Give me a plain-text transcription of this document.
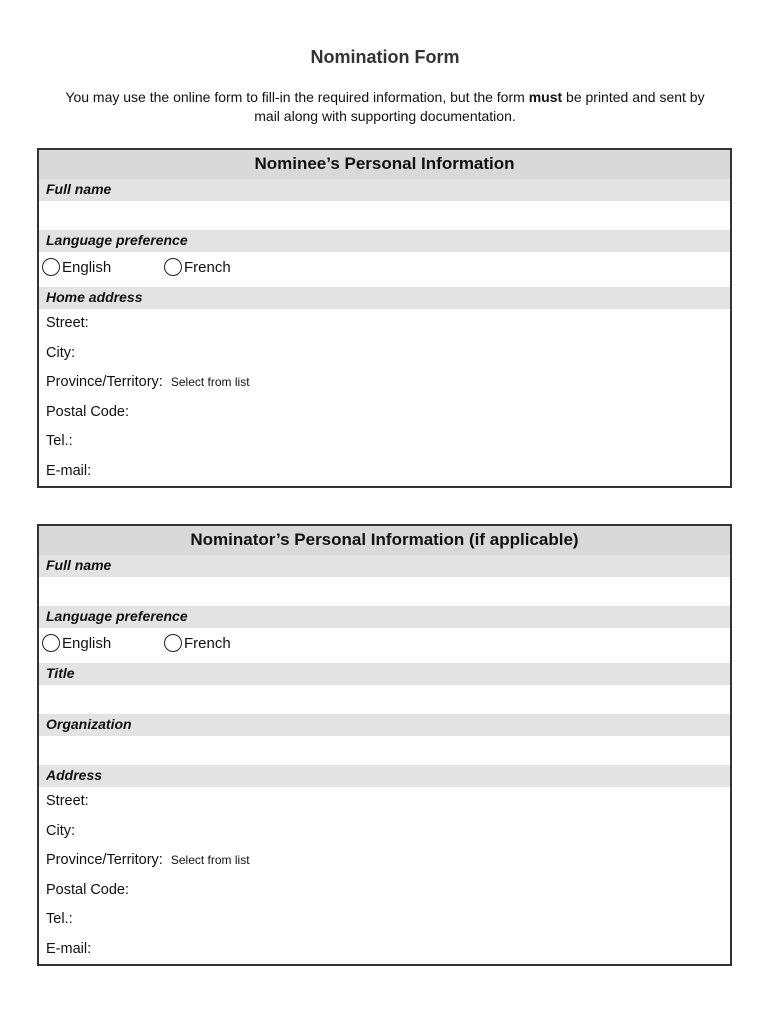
Nomination Form
You may use the online form to fill-in the required information, but the form must be printed and sent by mail along with supporting documentation.
Nominee’s Personal Information
Full name
Language preference
English	French
Home address
Street:
City:
Province/Territory: Select from list
Postal Code:
Tel.:
E-mail:
Nominator’s Personal Information (if applicable)
Full name
Language preference
English	French
Title
Organization
Address
Street:
City:
Province/Territory: Select from list
Postal Code:
Tel.:
E-mail:
